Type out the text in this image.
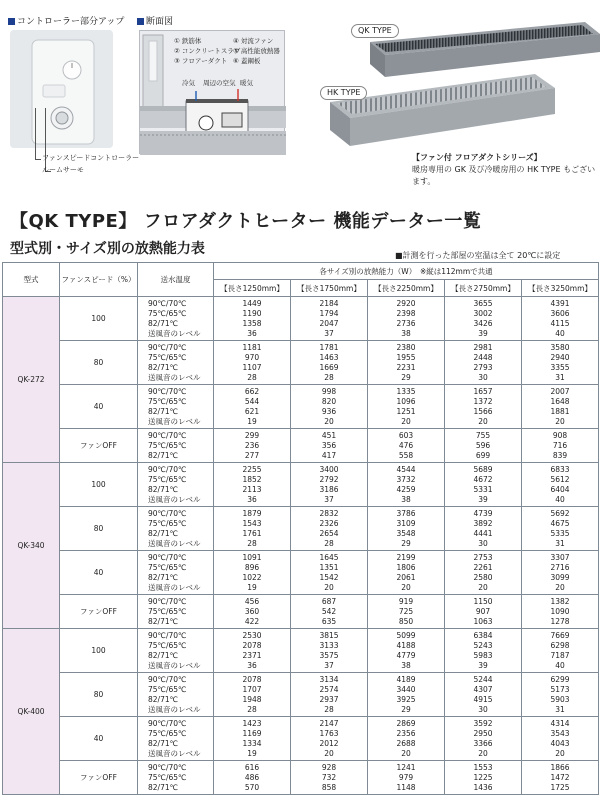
コントローラー部分アップ
ファンスピードコントローラー
ルームサーモ
断面図
① 鉄筋体
② コンクリートスラブ
③ フロアーダクト
④ 対流ファン
⑤ 高性能放熱器
⑥ 蓋鋼板
冷気 周辺の空気 暖気
QK TYPE
HK TYPE
【ファン付 フロアダクトシリーズ】
暖房専用の GK 及び冷暖房用の HK TYPE もございます。
【QK TYPE】 フロアダクトヒーター 機能データー一覧
型式別・サイズ別の放熱能力表	■計測を行った部屋の室温は全て 20℃に設定
型式	ファンスピード（%）	送水温度	各サイズ別の放熱能力（W）　※縦は112mmで共通				
			【長さ1250mm】	【長さ1750mm】	【長さ2250mm】	【長さ2750mm】	【長さ3250mm】
QK-272	100	90℃/70℃
75℃/65℃
82/71℃
送風音のレベル	1449
1190
1358
36	2184
1794
2047
37	2920
2398
2736
38	3655
3002
3426
39	4391
3606
4115
40
	80	90℃/70℃
75℃/65℃
82/71℃
送風音のレベル	1181
970
1107
28	1781
1463
1669
28	2380
1955
2231
29	2981
2448
2793
30	3580
2940
3355
31
	40	90℃/70℃
75℃/65℃
82/71℃
送風音のレベル	662
544
621
19	998
820
936
20	1335
1096
1251
20	1657
1372
1566
20	2007
1648
1881
20
	ファンOFF	90℃/70℃
75℃/65℃
82/71℃	299
236
277	451
356
417	603
476
558	755
596
699	908
716
839
QK-340	100	90℃/70℃
75℃/65℃
82/71℃
送風音のレベル	2255
1852
2113
36	3400
2792
3186
37	4544
3732
4259
38	5689
4672
5331
39	6833
5612
6404
40
	80	90℃/70℃
75℃/65℃
82/71℃
送風音のレベル	1879
1543
1761
28	2832
2326
2654
28	3786
3109
3548
29	4739
3892
4441
30	5692
4675
5335
31
	40	90℃/70℃
75℃/65℃
82/71℃
送風音のレベル	1091
896
1022
19	1645
1351
1542
20	2199
1806
2061
20	2753
2261
2580
20	3307
2716
3099
20
	ファンOFF	90℃/70℃
75℃/65℃
82/71℃	456
360
422	687
542
635	919
725
850	1150
907
1063	1382
1090
1278
QK-400	100	90℃/70℃
75℃/65℃
82/71℃
送風音のレベル	2530
2078
2371
36	3815
3133
3575
37	5099
4188
4779
38	6384
5243
5983
39	7669
6298
7187
40
	80	90℃/70℃
75℃/65℃
82/71℃
送風音のレベル	2078
1707
1948
28	3134
2574
2937
28	4189
3440
3925
29	5244
4307
4915
30	6299
5173
5903
31
	40	90℃/70℃
75℃/65℃
82/71℃
送風音のレベル	1423
1169
1334
19	2147
1763
2012
20	2869
2356
2688
20	3592
2950
3366
20	4314
3543
4043
20
	ファンOFF	90℃/70℃
75℃/65℃
82/71℃	616
486
570	928
732
858	1241
979
1148	1553
1225
1436	1866
1472
1725
